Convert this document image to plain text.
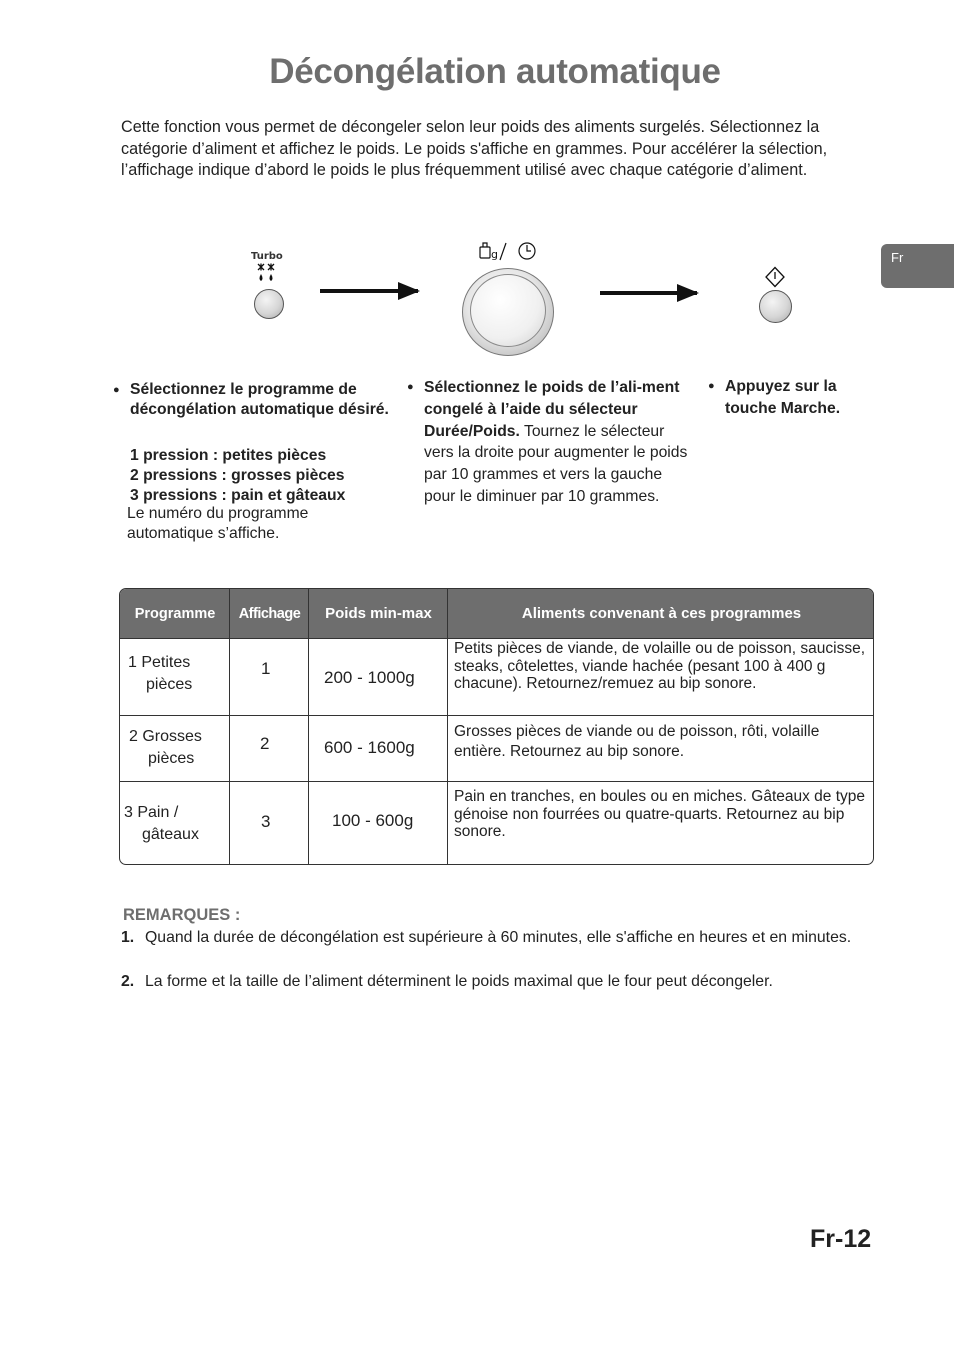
Décongélation automatique
Cette fonction vous permet de décongeler selon leur poids des aliments surgelés. Sélectionnez la catégorie d’aliment et affichez le poids. Le poids s'affiche en grammes. Pour accélérer la sélection, l’affichage indique d’abord le poids le plus fréquemment utilisé avec chaque catégorie d’aliment.
Fr
Turbo	g
● Sélectionnez le programme de décongélation automatique désiré.
1 pression : petites pièces
2 pressions : grosses pièces
3 pressions : pain et gâteaux
Le numéro du programme automatique s’affiche.
● Sélectionnez le poids de l’ali-ment congelé à l’aide du sélecteur Durée/Poids. Tournez le sélecteur vers la droite pour augmenter le poids par 10 grammes et vers la gauche pour le diminuer par 10 grammes.
● Appuyez sur la touche Marche.
Programme	Affichage	Poids min-max	Aliments convenant à ces programmes
1 Petites
pièces
1	200 - 1000g
Petits pièces de viande, de volaille ou de poisson, saucisse, steaks, côtelettes, viande hachée (pesant 100 à 400 g chacune). Retournez/remuez au bip sonore.
2 Grosses
pièces
2	600 - 1600g
Grosses pièces de viande ou de poisson, rôti, volaille entière. Retournez au bip sonore.
3 Pain /
gâteaux
3	100 - 600g
Pain en tranches, en boules ou en miches. Gâteaux de type génoise non fourrées ou quatre-quarts. Retournez au bip sonore.
REMARQUES :
1. Quand la durée de décongélation est supérieure à 60 minutes, elle s'affiche en heures et en minutes.
2. La forme et la taille de l’aliment déterminent le poids maximal que le four peut décongeler.
Fr-12
